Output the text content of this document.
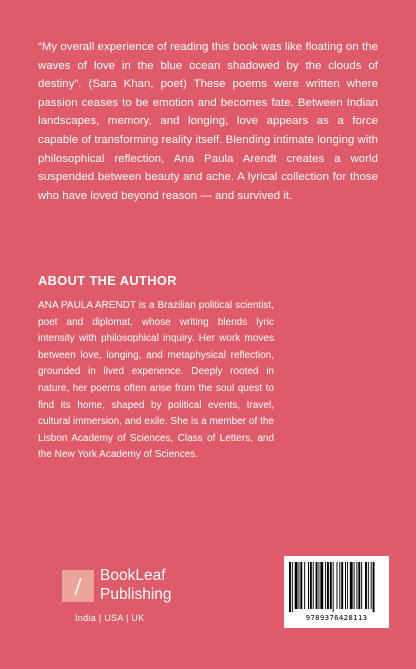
“My overall experience of reading this book was like floating on the waves of love in the blue ocean shadowed by the clouds of destiny”. (Sara Khan, poet) These poems were written where passion ceases to be emotion and becomes fate. Between Indian landscapes, memory, and longing, love appears as a force capable of transforming reality itself. Blending intimate longing with philosophical reflection, Ana Paula Arendt creates a world suspended between beauty and ache. A lyrical collection for those who have loved beyond reason — and survived it.

ABOUT THE AUTHOR

ANA PAULA ARENDT is a Brazilian political scientist, poet and diplomat, whose writing blends lyric intensity with philosophical inquiry. Her work moves between love, longing, and metaphysical reflection, grounded in lived experience. Deeply rooted in nature, her poems often arise from the soul quest to find its home, shaped by political events, travel, cultural immersion, and exile. She is a member of the Lisbon Academy of Sciences, Class of Letters, and the New York Academy of Sciences.

BookLeaf
Publishing
India | USA | UK	9789376428113
